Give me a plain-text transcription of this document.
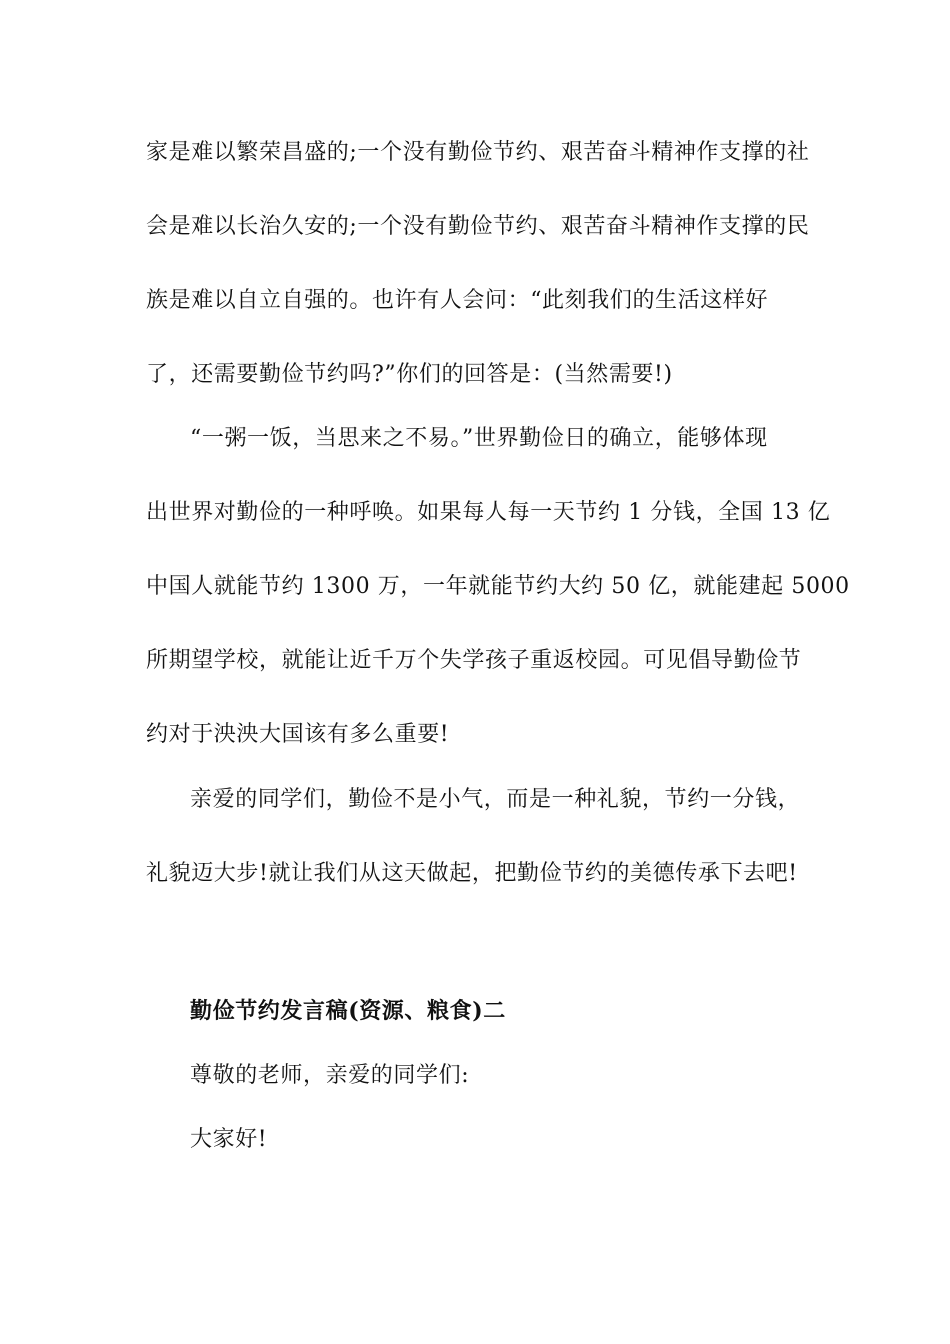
家是难以繁荣昌盛的;一个没有勤俭节约、艰苦奋斗精神作支撑的社
会是难以长治久安的;一个没有勤俭节约、艰苦奋斗精神作支撑的民
族是难以自立自强的。也许有人会问：“此刻我们的生活这样好
了，还需要勤俭节约吗?”你们的回答是：(当然需要!)
“一粥一饭，当思来之不易。”世界勤俭日的确立，能够体现
出世界对勤俭的一种呼唤。如果每人每一天节约 1 分钱，全国 13 亿
中国人就能节约 1300 万，一年就能节约大约 50 亿，就能建起 5000
所期望学校，就能让近千万个失学孩子重返校园。可见倡导勤俭节
约对于泱泱大国该有多么重要!
亲爱的同学们，勤俭不是小气，而是一种礼貌，节约一分钱，
礼貌迈大步!就让我们从这天做起，把勤俭节约的美德传承下去吧!
勤俭节约发言稿(资源、粮食)二
尊敬的老师，亲爱的同学们:
大家好!
